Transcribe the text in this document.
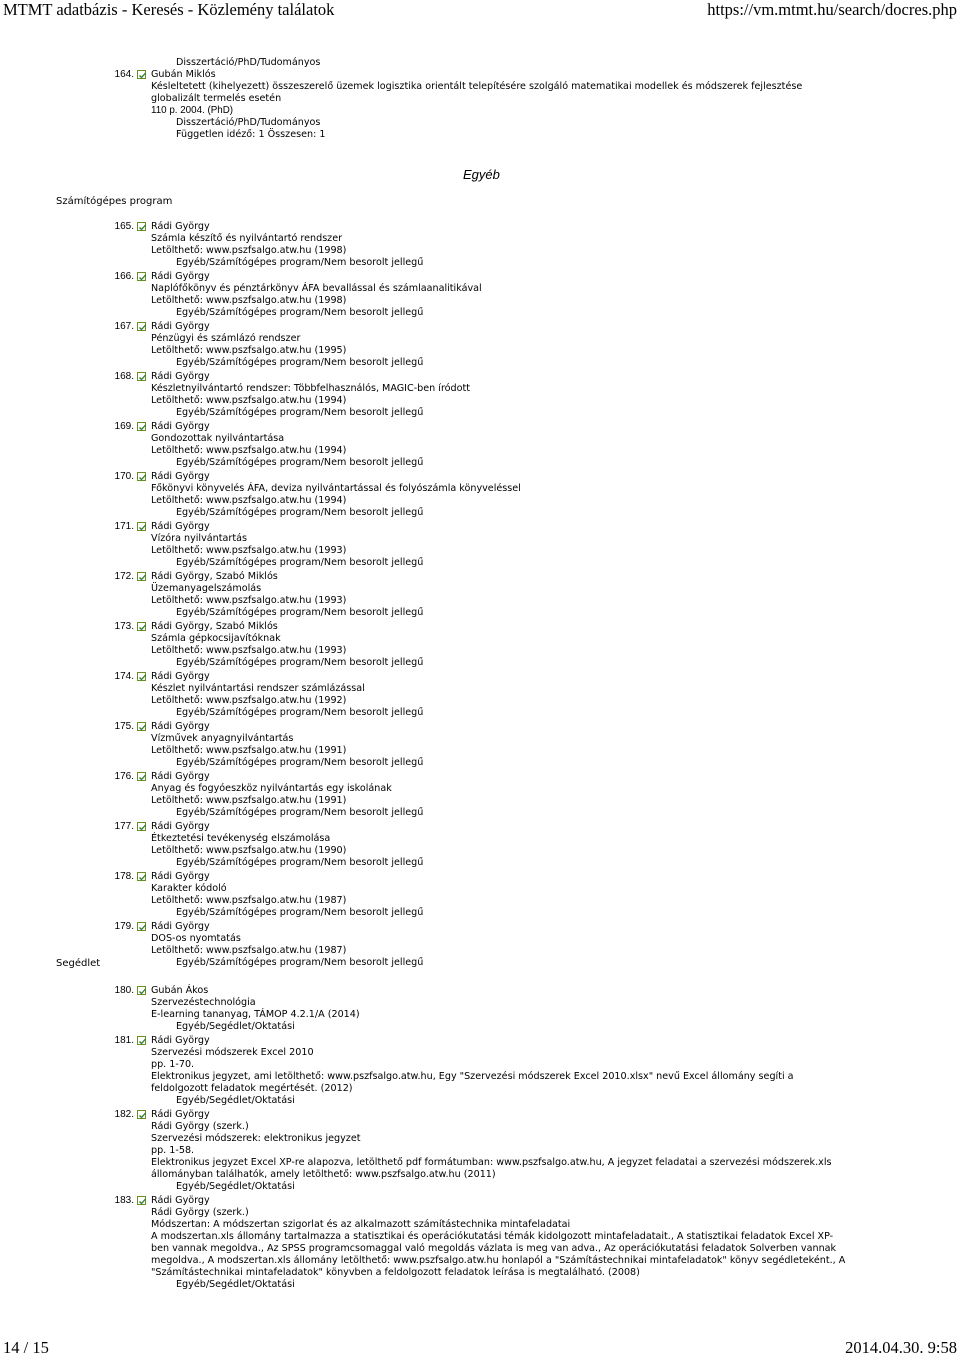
MTMT adatbázis - Keresés - Közlemény találatok	https://vm.mtmt.hu/search/docres.php
Disszertáció/PhD/Tudományos
164. Gubán Miklós
Késleltetett (kihelyezett) összeszerelő üzemek logisztika orientált telepítésére szolgáló matematikai modellek és módszerek fejlesztése
globalizált termelés esetén
110 p. 2004. (PhD)
Disszertáció/PhD/Tudományos
Független idéző: 1 Összesen: 1
Egyéb
Számítógépes program
165. Rádi György
Számla készítő és nyilvántartó rendszer
Letölthető: www.pszfsalgo.atw.hu (1998)
Egyéb/Számítógépes program/Nem besorolt jellegű
166. Rádi György
Naplófőkönyv és pénztárkönyv ÁFA bevallással és számlaanalitikával
Letölthető: www.pszfsalgo.atw.hu (1998)
Egyéb/Számítógépes program/Nem besorolt jellegű
167. Rádi György
Pénzügyi és számlázó rendszer
Letölthető: www.pszfsalgo.atw.hu (1995)
Egyéb/Számítógépes program/Nem besorolt jellegű
168. Rádi György
Készletnyilvántartó rendszer: Többfelhasználós, MAGIC-ben íródott
Letölthető: www.pszfsalgo.atw.hu (1994)
Egyéb/Számítógépes program/Nem besorolt jellegű
169. Rádi György
Gondozottak nyilvántartása
Letölthető: www.pszfsalgo.atw.hu (1994)
Egyéb/Számítógépes program/Nem besorolt jellegű
170. Rádi György
Főkönyvi könyvelés ÁFA, deviza nyilvántartással és folyószámla könyveléssel
Letölthető: www.pszfsalgo.atw.hu (1994)
Egyéb/Számítógépes program/Nem besorolt jellegű
171. Rádi György
Vízóra nyilvántartás
Letölthető: www.pszfsalgo.atw.hu (1993)
Egyéb/Számítógépes program/Nem besorolt jellegű
172. Rádi György, Szabó Miklós
Üzemanyagelszámolás
Letölthető: www.pszfsalgo.atw.hu (1993)
Egyéb/Számítógépes program/Nem besorolt jellegű
173. Rádi György, Szabó Miklós
Számla gépkocsijavítóknak
Letölthető: www.pszfsalgo.atw.hu (1993)
Egyéb/Számítógépes program/Nem besorolt jellegű
174. Rádi György
Készlet nyilvántartási rendszer számlázással
Letölthető: www.pszfsalgo.atw.hu (1992)
Egyéb/Számítógépes program/Nem besorolt jellegű
175. Rádi György
Vízművek anyagnyilvántartás
Letölthető: www.pszfsalgo.atw.hu (1991)
Egyéb/Számítógépes program/Nem besorolt jellegű
176. Rádi György
Anyag és fogyóeszköz nyilvántartás egy iskolának
Letölthető: www.pszfsalgo.atw.hu (1991)
Egyéb/Számítógépes program/Nem besorolt jellegű
177. Rádi György
Étkeztetési tevékenység elszámolása
Letölthető: www.pszfsalgo.atw.hu (1990)
Egyéb/Számítógépes program/Nem besorolt jellegű
178. Rádi György
Karakter kódoló
Letölthető: www.pszfsalgo.atw.hu (1987)
Egyéb/Számítógépes program/Nem besorolt jellegű
179. Rádi György
DOS-os nyomtatás
Letölthető: www.pszfsalgo.atw.hu (1987)
Egyéb/Számítógépes program/Nem besorolt jellegű
Segédlet
180. Gubán Ákos
Szervezéstechnológia
E-learning tananyag, TÁMOP 4.2.1/A (2014)
Egyéb/Segédlet/Oktatási
181. Rádi György
Szervezési módszerek Excel 2010
pp. 1-70.
Elektronikus jegyzet, ami letölthető: www.pszfsalgo.atw.hu, Egy "Szervezési módszerek Excel 2010.xlsx" nevű Excel állomány segíti a feldolgozott feladatok megértését. (2012)
Egyéb/Segédlet/Oktatási
182. Rádi György
Rádi György (szerk.)
Szervezési módszerek: elektronikus jegyzet
pp. 1-58.
Elektronikus jegyzet Excel XP-re alapozva, letölthető pdf formátumban: www.pszfsalgo.atw.hu, A jegyzet feladatai a szervezési módszerek.xls állományban találhatók, amely letölthető: www.pszfsalgo.atw.hu (2011)
Egyéb/Segédlet/Oktatási
183. Rádi György
Rádi György (szerk.)
Módszertan: A módszertan szigorlat és az alkalmazott számítástechnika mintafeladatai
A modszertan.xls állomány tartalmazza a statisztikai és operációkutatási témák kidolgozott mintafeladatait., A statisztikai feladatok Excel XP-ben vannak megoldva., Az SPSS programcsomaggal való megoldás vázlata is meg van adva., Az operációkutatási feladatok Solverben vannak megoldva., A modszertan.xls állomány letölthető: www.pszfsalgo.atw.hu honlapól a "Számítástechnikai mintafeladatok" könyv segédleteként., A "Számítástechnikai mintafeladatok" könyvben a feldolgozott feladatok leírása is megtalálható. (2008)
Egyéb/Segédlet/Oktatási
14 / 15	2014.04.30. 9:58
